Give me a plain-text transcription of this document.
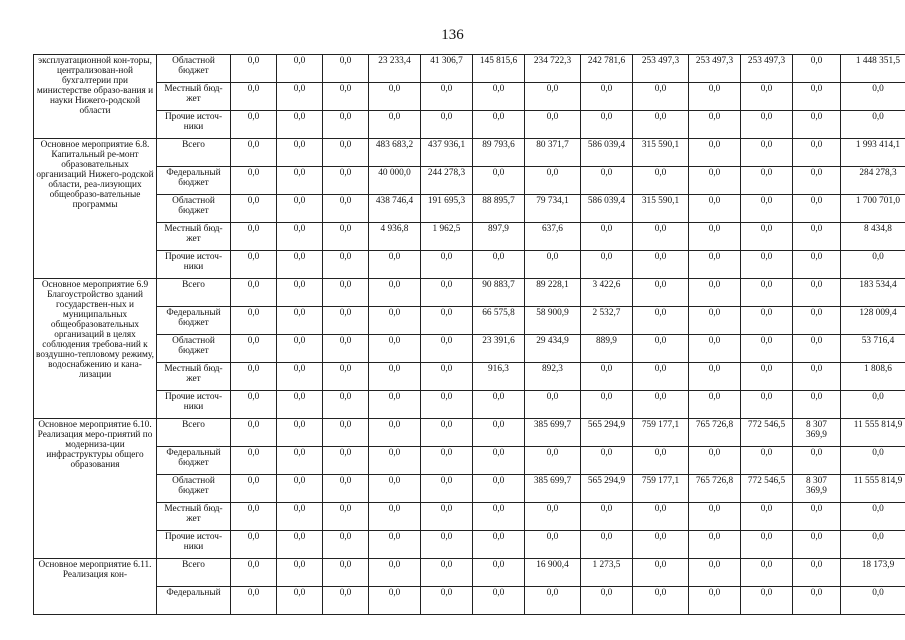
136
эксплуатационной кон-торы, централизован-ной бухгалтерии при министерстве образо-вания и науки Нижего-родской области	Областной бюджет	0,0	0,0	0,0	23 233,4	41 306,7	145 815,6	234 722,3	242 781,6	253 497,3	253 497,3	253 497,3	0,0	1 448 351,5
	Местный бюд-жет	0,0	0,0	0,0	0,0	0,0	0,0	0,0	0,0	0,0	0,0	0,0	0,0	0,0
	Прочие источ-ники	0,0	0,0	0,0	0,0	0,0	0,0	0,0	0,0	0,0	0,0	0,0	0,0	0,0
Основное мероприятие 6.8. Капитальный ре-монт образовательных организаций Нижего-родской области, реа-лизующих общеобразо-вательные программы	Всего	0,0	0,0	0,0	483 683,2	437 936,1	89 793,6	80 371,7	586 039,4	315 590,1	0,0	0,0	0,0	1 993 414,1
	Федеральный бюджет	0,0	0,0	0,0	40 000,0	244 278,3	0,0	0,0	0,0	0,0	0,0	0,0	0,0	284 278,3
	Областной бюджет	0,0	0,0	0,0	438 746,4	191 695,3	88 895,7	79 734,1	586 039,4	315 590,1	0,0	0,0	0,0	1 700 701,0
	Местный бюд-жет	0,0	0,0	0,0	4 936,8	1 962,5	897,9	637,6	0,0	0,0	0,0	0,0	0,0	8 434,8
	Прочие источ-ники	0,0	0,0	0,0	0,0	0,0	0,0	0,0	0,0	0,0	0,0	0,0	0,0	0,0
Основное мероприятие 6.9 Благоустройство зданий государствен-ных и муниципальных общеобразовательных организаций в целях соблюдения требова-ний к воздушно-тепловому режиму, водоснабжению и кана-лизации	Всего	0,0	0,0	0,0	0,0	0,0	90 883,7	89 228,1	3 422,6	0,0	0,0	0,0	0,0	183 534,4
	Федеральный бюджет	0,0	0,0	0,0	0,0	0,0	66 575,8	58 900,9	2 532,7	0,0	0,0	0,0	0,0	128 009,4
	Областной бюджет	0,0	0,0	0,0	0,0	0,0	23 391,6	29 434,9	889,9	0,0	0,0	0,0	0,0	53 716,4
	Местный бюд-жет	0,0	0,0	0,0	0,0	0,0	916,3	892,3	0,0	0,0	0,0	0,0	0,0	1 808,6
	Прочие источ-ники	0,0	0,0	0,0	0,0	0,0	0,0	0,0	0,0	0,0	0,0	0,0	0,0	0,0
Основное мероприятие 6.10. Реализация меро-приятий по модерниза-ции инфраструктуры общего образования	Всего	0,0	0,0	0,0	0,0	0,0	0,0	385 699,7	565 294,9	759 177,1	765 726,8	772 546,5	8 307 369,9	11 555 814,9
	Федеральный бюджет	0,0	0,0	0,0	0,0	0,0	0,0	0,0	0,0	0,0	0,0	0,0	0,0	0,0
	Областной бюджет	0,0	0,0	0,0	0,0	0,0	0,0	385 699,7	565 294,9	759 177,1	765 726,8	772 546,5	8 307 369,9	11 555 814,9
	Местный бюд-жет	0,0	0,0	0,0	0,0	0,0	0,0	0,0	0,0	0,0	0,0	0,0	0,0	0,0
	Прочие источ-ники	0,0	0,0	0,0	0,0	0,0	0,0	0,0	0,0	0,0	0,0	0,0	0,0	0,0
Основное мероприятие 6.11. Реализация кон-	Всего	0,0	0,0	0,0	0,0	0,0	0,0	16 900,4	1 273,5	0,0	0,0	0,0	0,0	18 173,9
	Федеральный	0,0	0,0	0,0	0,0	0,0	0,0	0,0	0,0	0,0	0,0	0,0	0,0	0,0
